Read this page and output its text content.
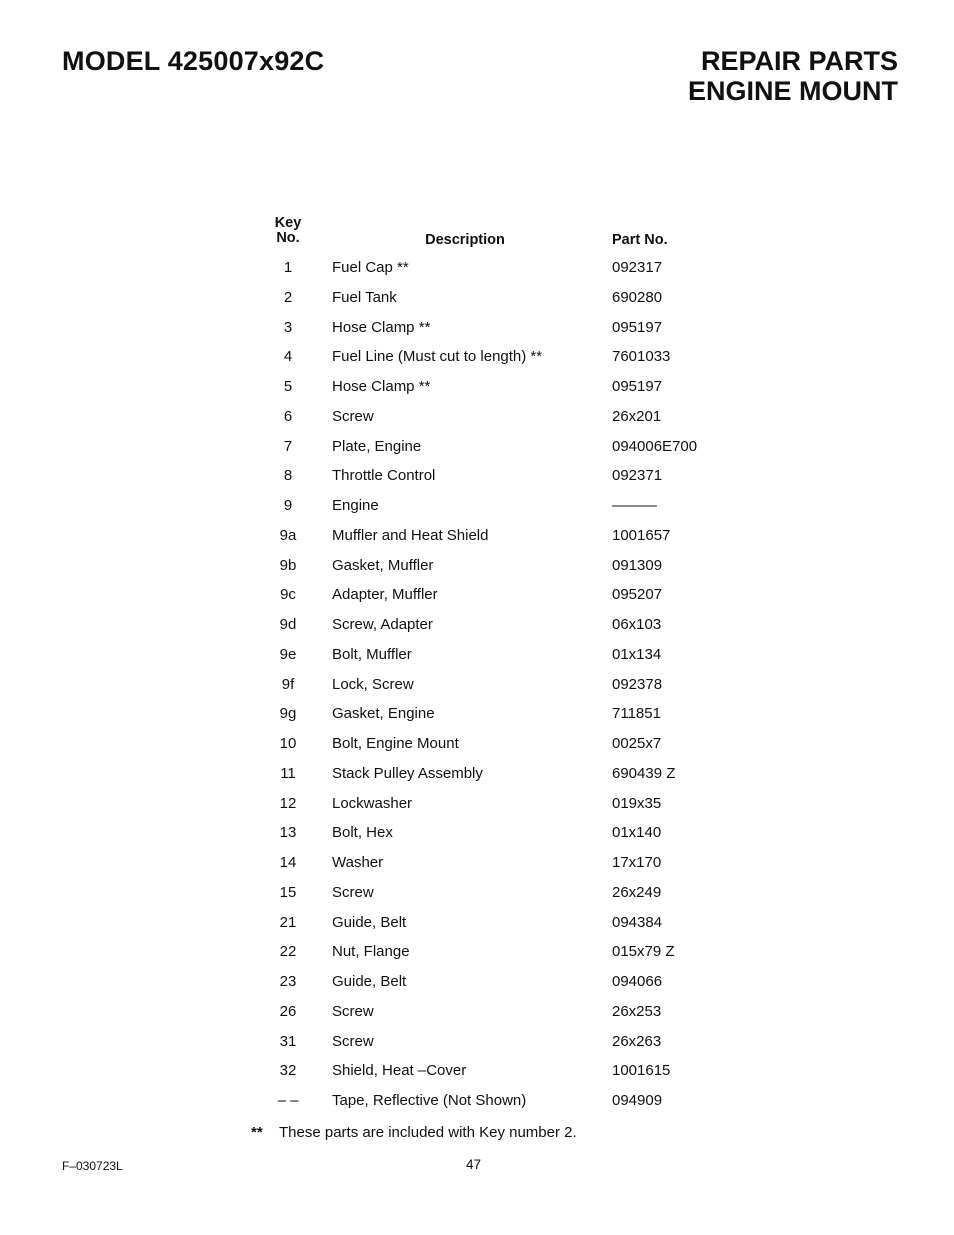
MODEL 425007x92C	REPAIR PARTS
ENGINE MOUNT
Key
No.	Description	Part No.
1	Fuel Cap **	092317
2	Fuel Tank	690280
3	Hose Clamp **	095197
4	Fuel Line (Must cut to length) **	7601033
5	Hose Clamp **	095197
6	Screw	26x201
7	Plate, Engine	094006E700
8	Throttle Control	092371
9	Engine	———
9a	Muffler and Heat Shield	1001657
9b	Gasket, Muffler	091309
9c	Adapter, Muffler	095207
9d	Screw, Adapter	06x103
9e	Bolt, Muffler	01x134
9f	Lock, Screw	092378
9g	Gasket, Engine	711851
10	Bolt, Engine Mount	0025x7
11	Stack Pulley Assembly	690439 Z
12	Lockwasher	019x35
13	Bolt, Hex	01x140
14	Washer	17x170
15	Screw	26x249
21	Guide, Belt	094384
22	Nut, Flange	015x79 Z
23	Guide, Belt	094066
26	Screw	26x253
31	Screw	26x263
32	Shield, Heat –Cover	1001615
– –	Tape, Reflective (Not Shown)	094909
** These parts are included with Key number 2.
F–030723L	47
